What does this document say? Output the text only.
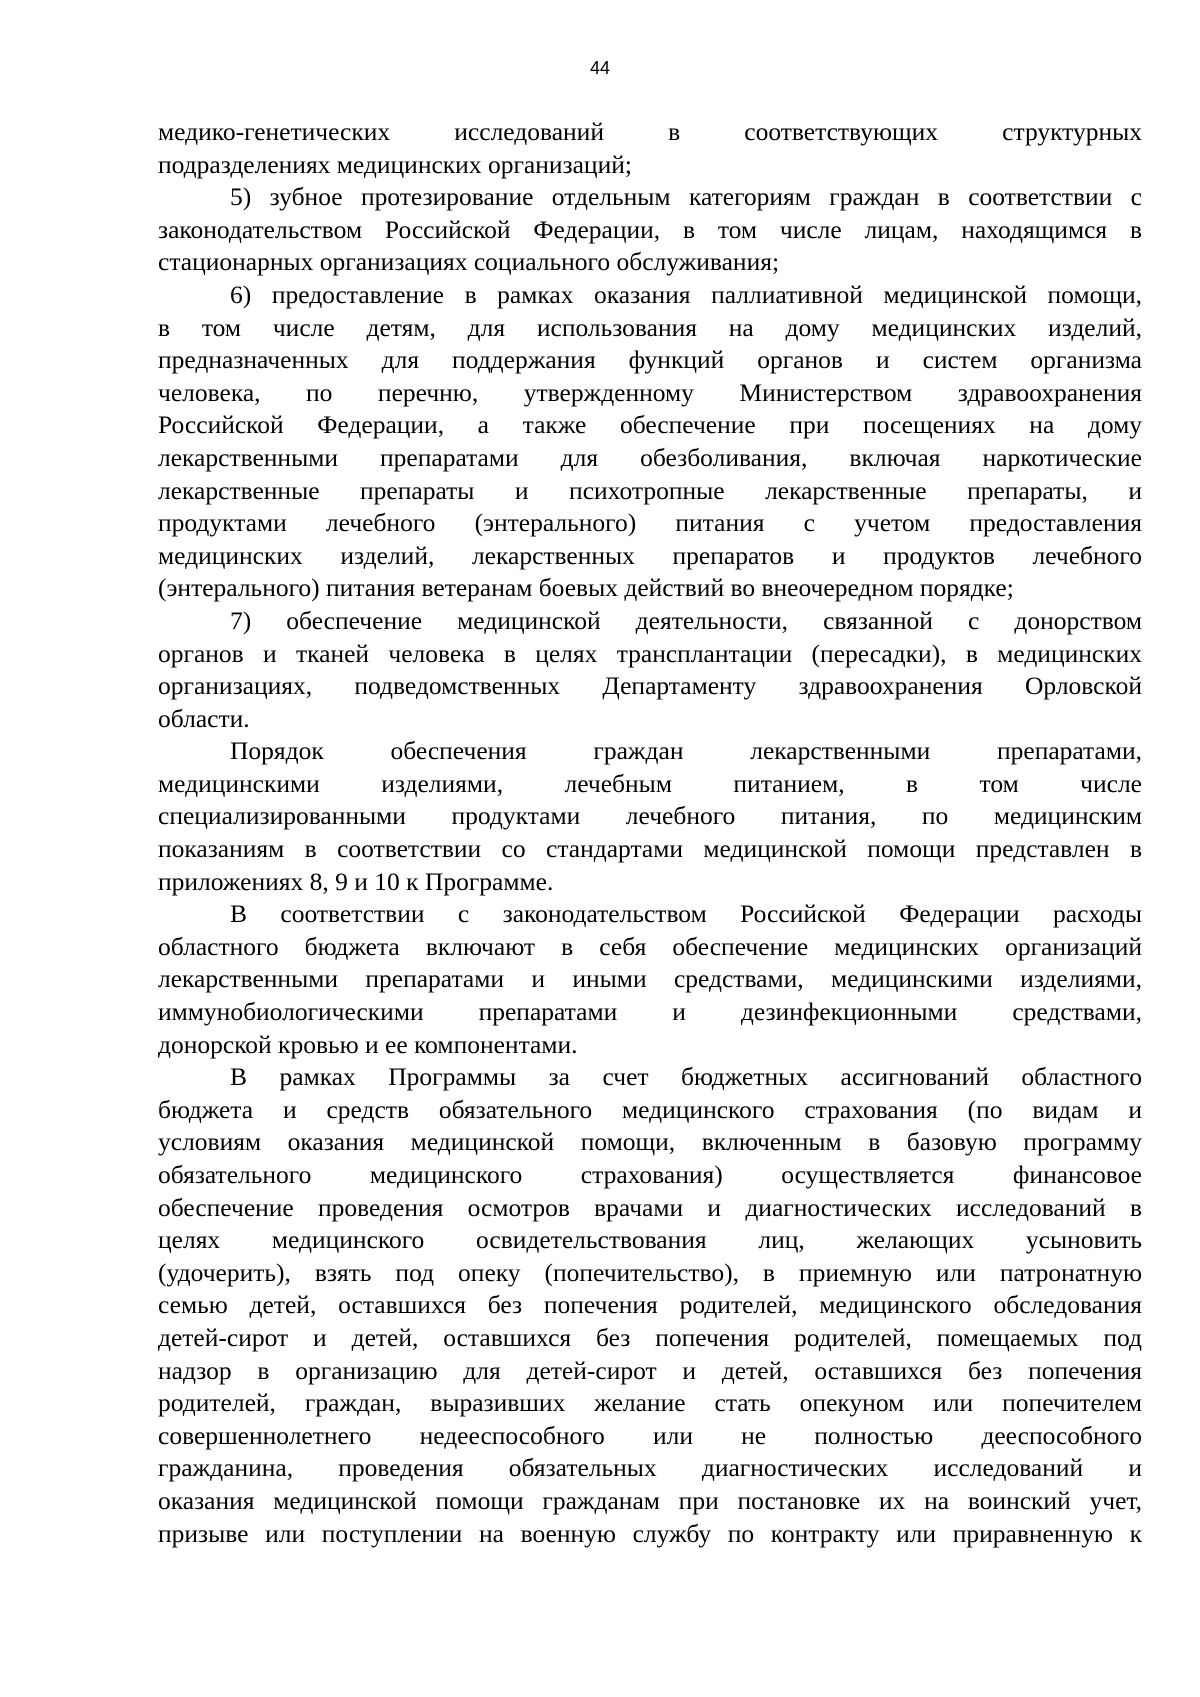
44

медико-генетических исследований в соответствующих структурных
подразделениях медицинских организаций;

5) зубное протезирование отдельным категориям граждан в соответствии с
законодательством Российской Федерации, в том числе лицам, находящимся в
стационарных организациях социального обслуживания;

6) предоставление в рамках оказания паллиативной медицинской помощи,
в том числе детям, для использования на дому медицинских изделий,
предназначенных для поддержания функций органов и систем организма
человека, по перечню, утвержденному Министерством здравоохранения
Российской Федерации, а также обеспечение при посещениях на дому
лекарственными препаратами для обезболивания, включая наркотические
лекарственные препараты и психотропные лекарственные препараты, и
продуктами лечебного (энтерального) питания с учетом предоставления
медицинских изделий, лекарственных препаратов и продуктов лечебного
(энтерального) питания ветеранам боевых действий во внеочередном порядке;

7) обеспечение медицинской деятельности, связанной с донорством
органов и тканей человека в целях трансплантации (пересадки), в медицинских
организациях, подведомственных Департаменту здравоохранения Орловской
области.

Порядок обеспечения граждан лекарственными препаратами,
медицинскими изделиями, лечебным питанием, в том числе
специализированными продуктами лечебного питания, по медицинским
показаниям в соответствии со стандартами медицинской помощи представлен в
приложениях 8, 9 и 10 к Программе.

В соответствии с законодательством Российской Федерации расходы
областного бюджета включают в себя обеспечение медицинских организаций
лекарственными препаратами и иными средствами, медицинскими изделиями,
иммунобиологическими препаратами и дезинфекционными средствами,
донорской кровью и ее компонентами.

В рамках Программы за счет бюджетных ассигнований областного
бюджета и средств обязательного медицинского страхования (по видам и
условиям оказания медицинской помощи, включенным в базовую программу
обязательного медицинского страхования) осуществляется финансовое
обеспечение проведения осмотров врачами и диагностических исследований в
целях медицинского освидетельствования лиц, желающих усыновить
(удочерить), взять под опеку (попечительство), в приемную или патронатную
семью детей, оставшихся без попечения родителей, медицинского обследования
детей-сирот и детей, оставшихся без попечения родителей, помещаемых под
надзор в организацию для детей-сирот и детей, оставшихся без попечения
родителей, граждан, выразивших желание стать опекуном или попечителем
совершеннолетнего недееспособного или не полностью дееспособного
гражданина, проведения обязательных диагностических исследований и
оказания медицинской помощи гражданам при постановке их на воинский учет,
призыве или поступлении на военную службу по контракту или приравненную к
